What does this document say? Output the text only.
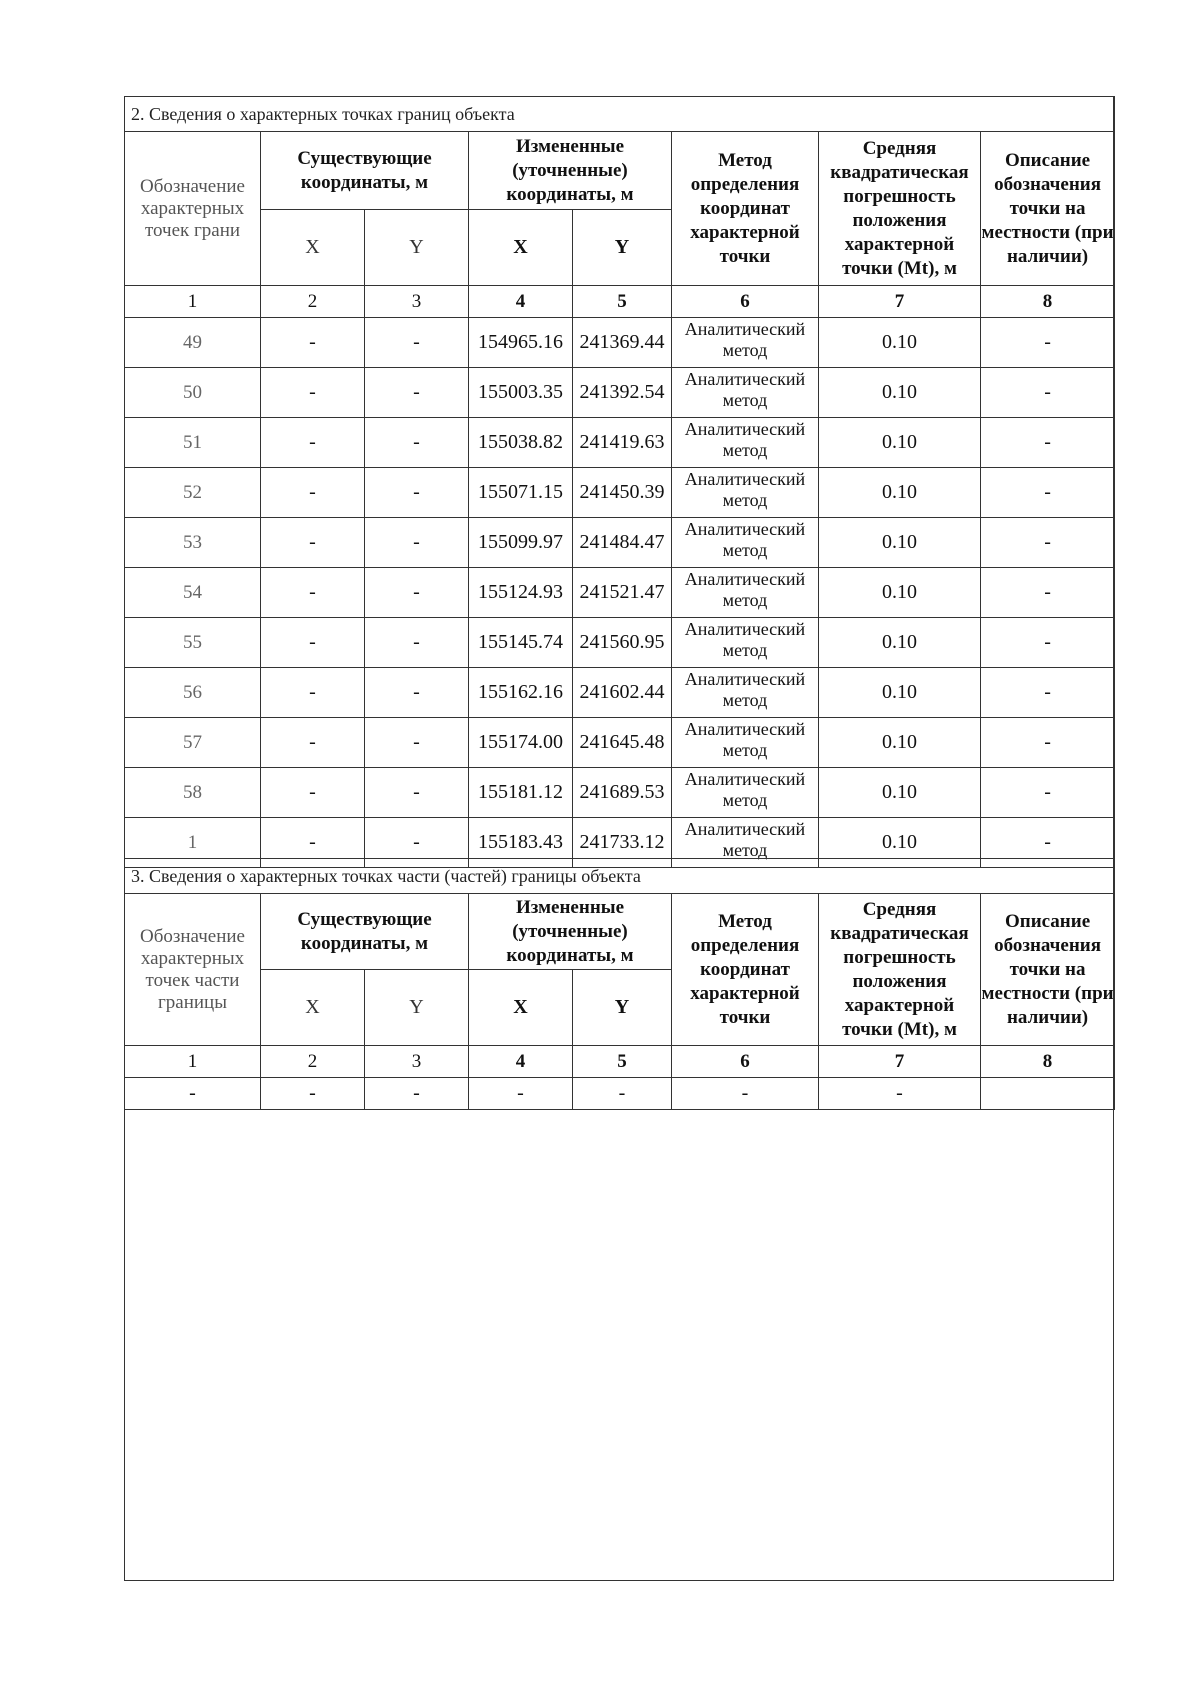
2. Сведения о характерных точках границ объекта							
Обозначение характерных точек грани	Существующие координаты, м		Измененные (уточненные) координаты, м		Метод определения координат характерной точки	Средняя квадратическая погрешность положения характерной точки (Mt), м	Описание обозначения точки на местности (при наличии)
	X	Y	X	Y			
1	2	3	4	5	6	7	8
49	-	-	154965.16	241369.44	Аналитический метод	0.10	-
50	-	-	155003.35	241392.54	Аналитический метод	0.10	-
51	-	-	155038.82	241419.63	Аналитический метод	0.10	-
52	-	-	155071.15	241450.39	Аналитический метод	0.10	-
53	-	-	155099.97	241484.47	Аналитический метод	0.10	-
54	-	-	155124.93	241521.47	Аналитический метод	0.10	-
55	-	-	155145.74	241560.95	Аналитический метод	0.10	-
56	-	-	155162.16	241602.44	Аналитический метод	0.10	-
57	-	-	155174.00	241645.48	Аналитический метод	0.10	-
58	-	-	155181.12	241689.53	Аналитический метод	0.10	-
1	-	-	155183.43	241733.12	Аналитический метод	0.10	-
3. Сведения о характерных точках части (частей) границы объекта							
Обозначение характерных точек части границы	Существующие координаты, м		Измененные (уточненные) координаты, м		Метод определения координат характерной точки	Средняя квадратическая погрешность положения характерной точки (Mt), м	Описание обозначения точки на местности (при наличии)
	X	Y	X	Y			
1	2	3	4	5	6	7	8
-	-	-	-	-	-	-	
